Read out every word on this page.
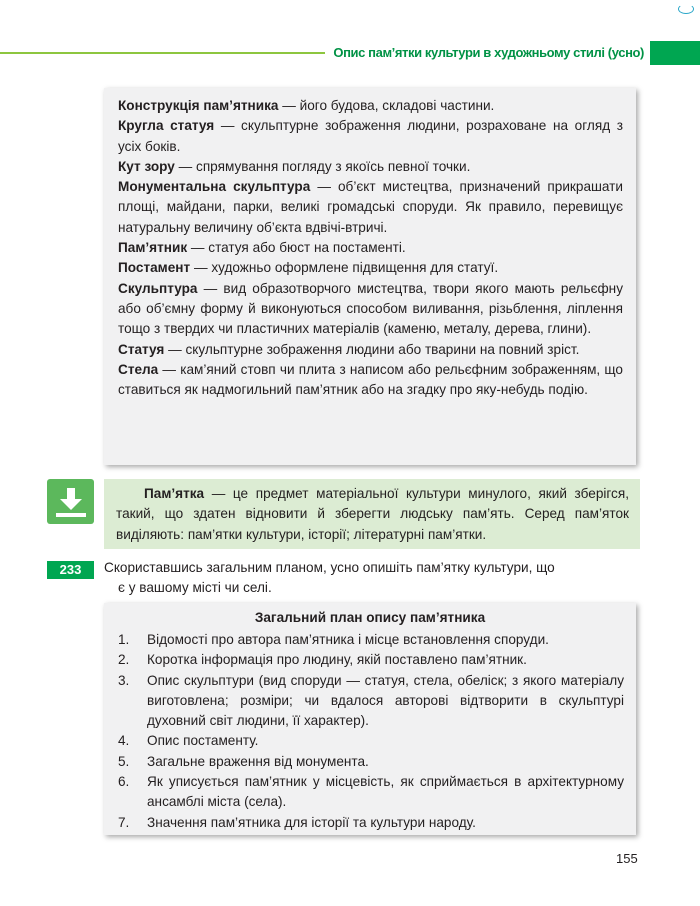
Опис пам’ятки культури в художньому стилі (усно)

Конструкція пам’ятника — його будова, складові частини.

Кругла статуя — скульптурне зображення людини, розраховане на огляд з усіх боків.

Кут зору — спрямування погляду з якоїсь певної точки.

Монументальна скульптура — об’єкт мистецтва, призначений прикрашати площі, майдани, парки, великі громадські споруди. Як правило, перевищує натуральну величину об’єкта вдвічі-втричі.

Пам’ятник — статуя або бюст на постаменті.

Постамент — художньо оформлене підвищення для статуї.

Скульптура — вид образотворчого мистецтва, твори якого мають рельєфну або об’ємну форму й виконуються способом виливання, різьблення, ліплення тощо з твердих чи пластичних матеріалів (каменю, металу, дерева, глини).

Статуя — скульптурне зображення людини або тварини на повний зріст.

Стела — кам’яний стовп чи плита з написом або рельєфним зображенням, що ставиться як надмогильний пам’ятник або на згадку про яку-небудь подію.

Пам’ятка — це предмет матеріальної культури минулого, який зберігся, такий, що здатен відновити й зберегти людську пам’ять. Серед пам’яток виділяють: пам’ятки культури, історії; літературні пам’ятки.
233	Скориставшись загальним планом, усно опишіть пам’ятку культури, що

є у вашому місті чи селі.

Загальний план опису пам’ятника
1. Відомості про автора пам’ятника і місце встановлення споруди.
2. Коротка інформація про людину, якій поставлено пам’ятник.
3. Опис скульптури (вид споруди — статуя, стела, обеліск; з якого матеріалу виготовлена; розміри; чи вдалося авторові відтворити в скульптурі духовний світ людини, її характер).
4. Опис постаменту.
5. Загальне враження від монумента.
6. Як уписується пам’ятник у місцевість, як сприймається в архітектурному ансамблі міста (села).
7. Значення пам’ятника для історії та культури народу.
155
